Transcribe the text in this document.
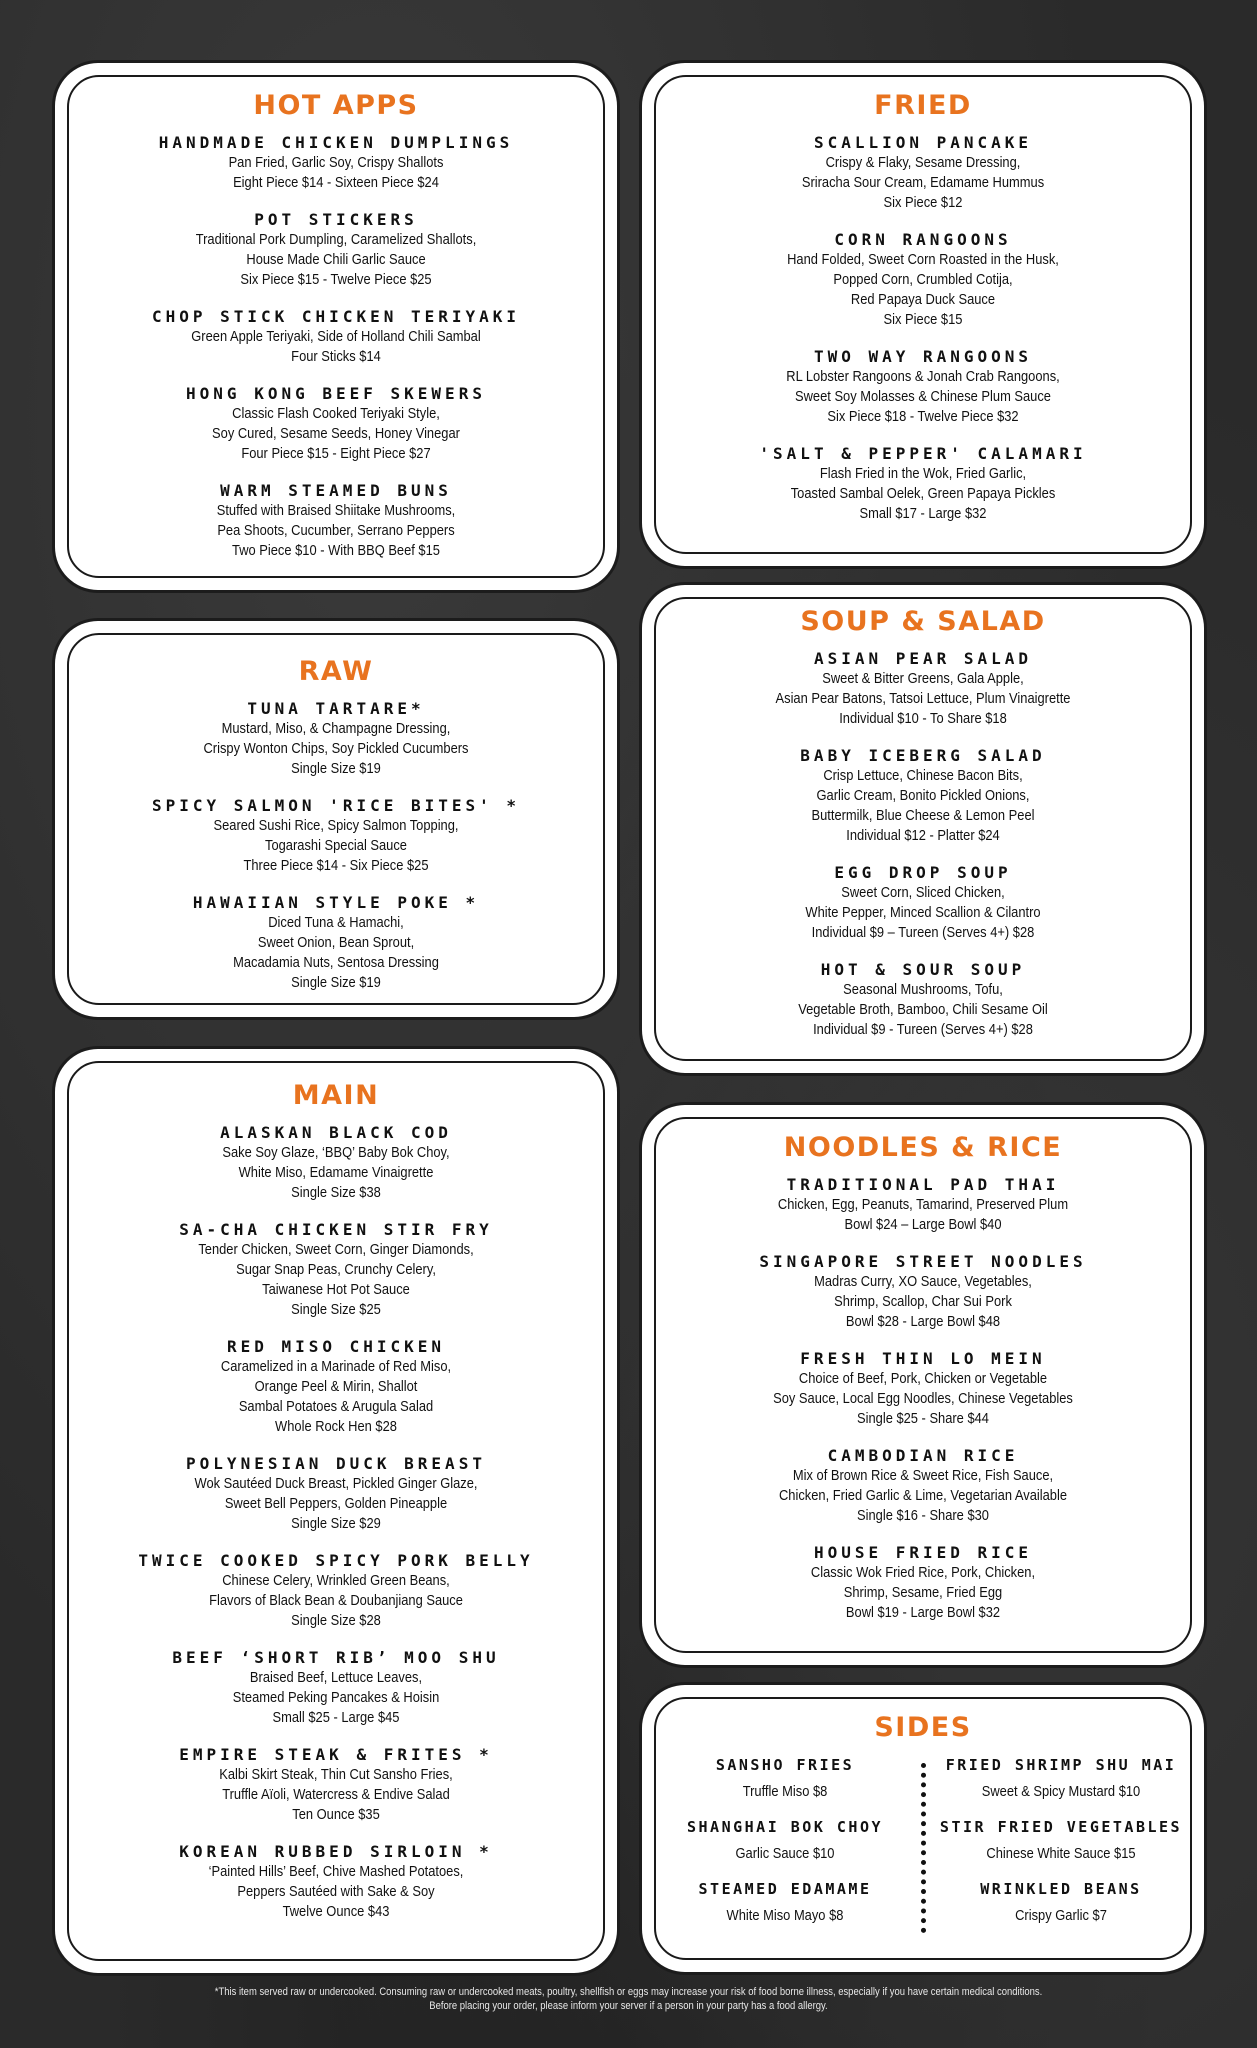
HOT APPS
HANDMADE CHICKEN DUMPLINGS
Pan Fried, Garlic Soy, Crispy Shallots
Eight Piece $14 - Sixteen Piece $24
POT STICKERS
Traditional Pork Dumpling, Caramelized Shallots,
House Made Chili Garlic Sauce
Six Piece $15 - Twelve Piece $25
CHOP STICK CHICKEN TERIYAKI
Green Apple Teriyaki, Side of Holland Chili Sambal
Four Sticks $14
HONG KONG BEEF SKEWERS
Classic Flash Cooked Teriyaki Style,
Soy Cured, Sesame Seeds, Honey Vinegar
Four Piece $15 - Eight Piece $27
WARM STEAMED BUNS
Stuffed with Braised Shiitake Mushrooms,
Pea Shoots, Cucumber, Serrano Peppers
Two Piece $10 - With BBQ Beef $15
FRIED
SCALLION PANCAKE
Crispy & Flaky, Sesame Dressing,
Sriracha Sour Cream, Edamame Hummus
Six Piece $12
CORN RANGOONS
Hand Folded, Sweet Corn Roasted in the Husk,
Popped Corn, Crumbled Cotija,
Red Papaya Duck Sauce
Six Piece $15
TWO WAY RANGOONS
RL Lobster Rangoons & Jonah Crab Rangoons,
Sweet Soy Molasses & Chinese Plum Sauce
Six Piece $18 - Twelve Piece $32
'SALT & PEPPER' CALAMARI
Flash Fried in the Wok, Fried Garlic,
Toasted Sambal Oelek, Green Papaya Pickles
Small $17 - Large $32
RAW
TUNA TARTARE*
Mustard, Miso, & Champagne Dressing,
Crispy Wonton Chips, Soy Pickled Cucumbers
Single Size $19
SPICY SALMON 'RICE BITES' *
Seared Sushi Rice, Spicy Salmon Topping,
Togarashi Special Sauce
Three Piece $14 - Six Piece $25
HAWAIIAN STYLE POKE *
Diced Tuna & Hamachi,
Sweet Onion, Bean Sprout,
Macadamia Nuts, Sentosa Dressing
Single Size $19
SOUP & SALAD
ASIAN PEAR SALAD
Sweet & Bitter Greens, Gala Apple,
Asian Pear Batons, Tatsoi Lettuce, Plum Vinaigrette
Individual $10 - To Share $18
BABY ICEBERG SALAD
Crisp Lettuce, Chinese Bacon Bits,
Garlic Cream, Bonito Pickled Onions,
Buttermilk, Blue Cheese & Lemon Peel
Individual $12 - Platter $24
EGG DROP SOUP
Sweet Corn, Sliced Chicken,
White Pepper, Minced Scallion & Cilantro
Individual $9 – Tureen (Serves 4+) $28
HOT & SOUR SOUP
Seasonal Mushrooms, Tofu,
Vegetable Broth, Bamboo, Chili Sesame Oil
Individual $9 - Tureen (Serves 4+) $28
MAIN
ALASKAN BLACK COD
Sake Soy Glaze, ‘BBQ’ Baby Bok Choy,
White Miso, Edamame Vinaigrette
Single Size $38
SA-CHA CHICKEN STIR FRY
Tender Chicken, Sweet Corn, Ginger Diamonds,
Sugar Snap Peas, Crunchy Celery,
Taiwanese Hot Pot Sauce
Single Size $25
RED MISO CHICKEN
Caramelized in a Marinade of Red Miso,
Orange Peel & Mirin, Shallot
Sambal Potatoes & Arugula Salad
Whole Rock Hen $28
POLYNESIAN DUCK BREAST
Wok Sautéed Duck Breast, Pickled Ginger Glaze,
Sweet Bell Peppers, Golden Pineapple
Single Size $29
TWICE COOKED SPICY PORK BELLY
Chinese Celery, Wrinkled Green Beans,
Flavors of Black Bean & Doubanjiang Sauce
Single Size $28
BEEF ‘SHORT RIB’ MOO SHU
Braised Beef, Lettuce Leaves,
Steamed Peking Pancakes & Hoisin
Small $25 - Large $45
EMPIRE STEAK & FRITES *
Kalbi Skirt Steak, Thin Cut Sansho Fries,
Truffle Aïoli, Watercress & Endive Salad
Ten Ounce $35
KOREAN RUBBED SIRLOIN *
‘Painted Hills’ Beef, Chive Mashed Potatoes,
Peppers Sautéed with Sake & Soy
Twelve Ounce $43
NOODLES & RICE
TRADITIONAL PAD THAI
Chicken, Egg, Peanuts, Tamarind, Preserved Plum
Bowl $24 – Large Bowl $40
SINGAPORE STREET NOODLES
Madras Curry, XO Sauce, Vegetables,
Shrimp, Scallop, Char Sui Pork
Bowl $28 - Large Bowl $48
FRESH THIN LO MEIN
Choice of Beef, Pork, Chicken or Vegetable
Soy Sauce, Local Egg Noodles, Chinese Vegetables
Single $25 - Share $44
CAMBODIAN RICE
Mix of Brown Rice & Sweet Rice, Fish Sauce,
Chicken, Fried Garlic & Lime, Vegetarian Available
Single $16 - Share $30
HOUSE FRIED RICE
Classic Wok Fried Rice, Pork, Chicken,
Shrimp, Sesame, Fried Egg
Bowl $19 - Large Bowl $32
SIDES
SANSHO FRIES
Truffle Miso $8
SHANGHAI BOK CHOY
Garlic Sauce $10
STEAMED EDAMAME
White Miso Mayo $8
FRIED SHRIMP SHU MAI
Sweet & Spicy Mustard $10
STIR FRIED VEGETABLES
Chinese White Sauce $15
WRINKLED BEANS
Crispy Garlic $7
*This item served raw or undercooked. Consuming raw or undercooked meats, poultry, shellfish or eggs may increase your risk of food borne illness, especially if you have certain medical conditions.
Before placing your order, please inform your server if a person in your party has a food allergy.
